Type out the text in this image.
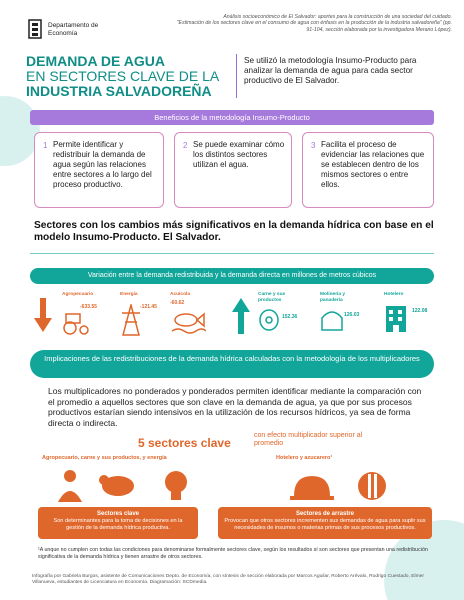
Departamento de Economía
Análisis socioeconómico de El Salvador: aportes para la construcción de una sociedad del cuidado.
"Estimación de los sectores clave en el consumo de agua con énfasis en la producción de la industria salvadoreña" (pp. 91-104, sección elaborada por la investigadora Merano López).
DEMANDA DE AGUA
EN SECTORES CLAVE DE LA
INDUSTRIA SALVADOREÑA
Se utilizó la metodología Insumo-Producto para analizar la demanda de agua para cada sector productivo de El Salvador.
Beneficios de la metodología Insumo-Producto
1 Permite identificar y redistribuir la demanda de agua según las relaciones entre sectores a lo largo del proceso productivo.
2 Se puede examinar cómo los distintos sectores utilizan el agua.
3 Facilita el proceso de evidenciar las relaciones que se establecen dentro de los mismos sectores o entre ellos.
Sectores con los cambios más significativos en la demanda hídrica con base en el modelo Insumo-Producto. El Salvador.
Variación entre la demanda redistribuida y la demanda directa en millones de metros cúbicos
Agropecuario
-633.55
Energía
-121.45
Acuícola
-60.62
Carne y sus productos
152.36
Molinería y panadería
126.03
Hotelero
122.08
Implicaciones de las redistribuciones de la demanda hídrica calculadas con la metodología de los multiplicadores
Los multiplicadores no ponderados y ponderados permiten identificar mediante la comparación con el promedio a aquellos sectores que son clave en la demanda de agua, ya que por sus procesos productivos estarían siendo intensivos en la utilización de los recursos hídricos, ya sea de forma directa o indirecta.
5 sectores clave
con efecto multiplicador superior al promedio
Agropecuario, carne y sus productos, y energía	Hotelero y azucarero¹
Sectores clave
Son determinantes para la toma de decisiones en la gestión de la demanda hídrica productiva.
Sectores de arrastre
Provocan que otros sectores incrementen sus demandas de agua para suplir sus necesidades de insumos o materias primas de sus procesos productivos.
¹A unque no cumplen con todas las condiciones para denominarse formalmente sectores clave, según los resultados sí son sectores que presentan una redistribución significativa de la demanda hídrica y tienen arrastre de otros sectores.
Infografía por Gabriela Burgos, asistente de Comunicaciones Depto. de Economía, con síntesis de sección elaborada por Marcos Aguilar, Roberto Arévalo, Rodrigo Cuestado, Elmer Villanueva, estudiantes de Licenciatura en Economía. Diagramación: SCDmedia.
